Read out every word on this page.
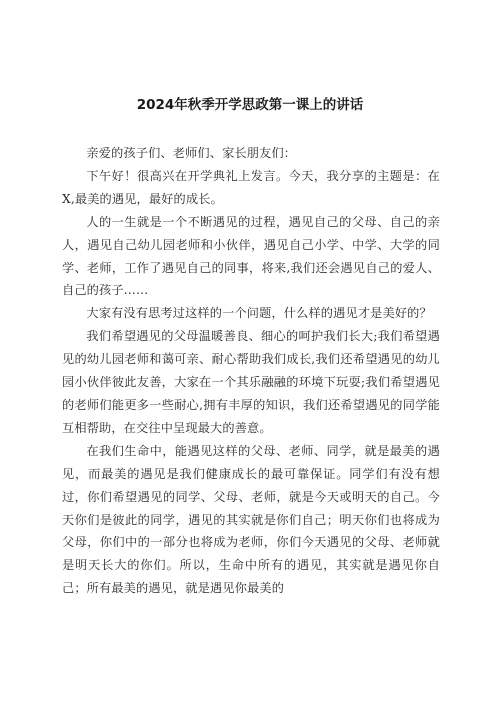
2024年秋季开学思政第一课上的讲话

亲爱的孩子们、老师们、家长朋友们：

下午好！很高兴在开学典礼上发言。今天，我分享的主题是：在X,最美的遇见，最好的成长。

人的一生就是一个不断遇见的过程，遇见自己的父母、自己的亲人，遇见自己幼儿园老师和小伙伴，遇见自己小学、中学、大学的同学、老师，工作了遇见自己的同事，将来,我们还会遇见自己的爱人、自己的孩子……

大家有没有思考过这样的一个问题，什么样的遇见才是美好的？

我们希望遇见的父母温暖善良、细心的呵护我们长大;我们希望遇见的幼儿园老师和蔼可亲、耐心帮助我们成长,我们还希望遇见的幼儿园小伙伴彼此友善，大家在一个其乐融融的环境下玩耍;我们希望遇见的老师们能更多一些耐心,拥有丰厚的知识，我们还希望遇见的同学能互相帮助，在交往中呈现最大的善意。

在我们生命中，能遇见这样的父母、老师、同学，就是最美的遇见，而最美的遇见是我们健康成长的最可靠保证。同学们有没有想过，你们希望遇见的同学、父母、老师，就是今天或明天的自己。今天你们是彼此的同学，遇见的其实就是你们自己；明天你们也将成为父母，你们中的一部分也将成为老师，你们今天遇见的父母、老师就是明天长大的你们。所以，生命中所有的遇见，其实就是遇见你自己；所有最美的遇见，就是遇见你最美的
